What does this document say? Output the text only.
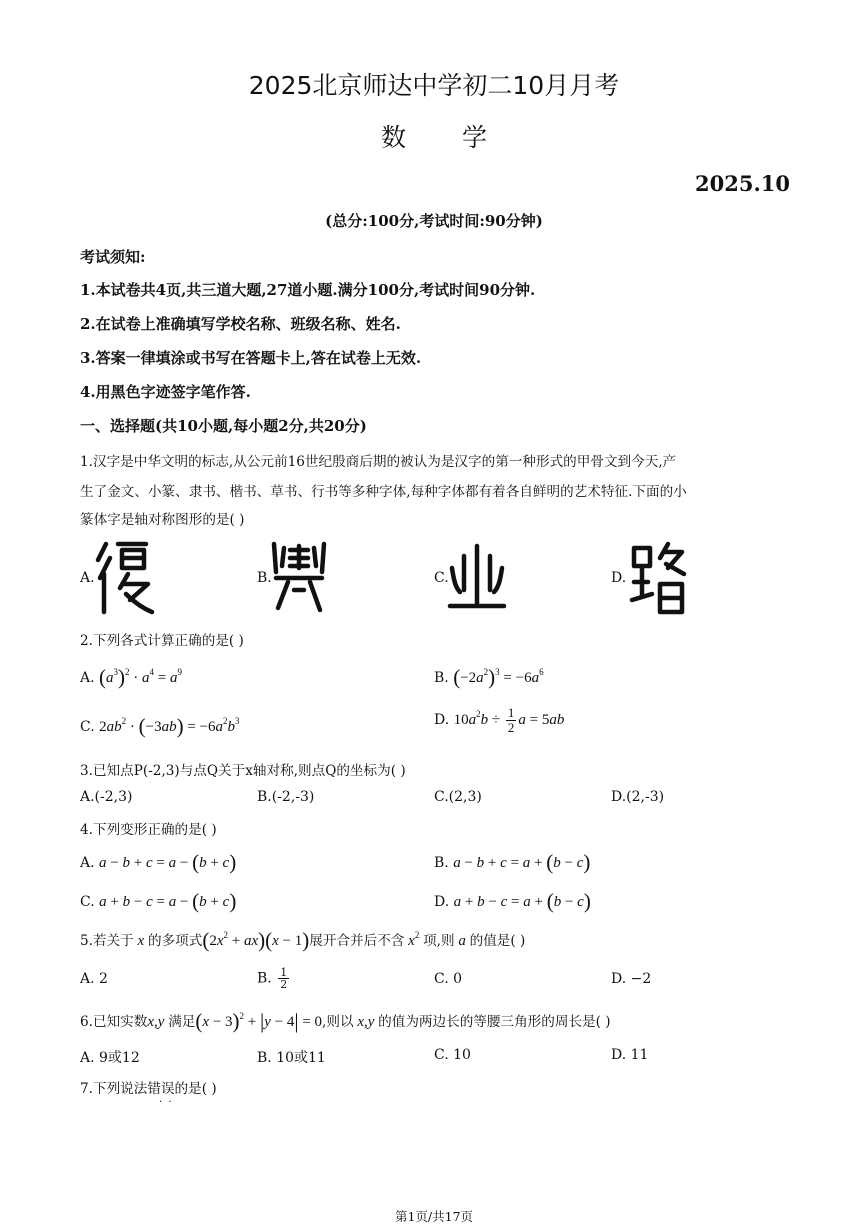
2025北京师达中学初二10月月考
数学
2025.10
(总分:100分,考试时间:90分钟)
考试须知:
1.本试卷共4页,共三道大题,27道小题.满分100分,考试时间90分钟.
2.在试卷上准确填写学校名称、班级名称、姓名.
3.答案一律填涂或书写在答题卡上,答在试卷上无效.
4.用黑色字迹签字笔作答.
一、选择题(共10小题,每小题2分,共20分)
1.汉字是中华文明的标志,从公元前16世纪殷商后期的被认为是汉字的第一种形式的甲骨文到今天,产
生了金文、小篆、隶书、楷书、草书、行书等多种字体,每种字体都有着各自鲜明的艺术特征.下面的小
篆体字是轴对称图形的是( )
A.	B.	C.	D.
2.下列各式计算正确的是( )
A. $(a^3)^2 \cdot a^4 = a^9$	B. $(-2a^2)^3 = -6a^6$
C. $2ab^2 \cdot (-3ab) = -6a^2b^3$	D. $10a^2b \div \frac{1}{2}$ a = 5ab
3.已知点P(-2,3)与点Q关于x轴对称,则点Q的坐标为( )
A.(-2,3)	B.(-2,-3)	C.(2,3)	D.(2,-3)
4.下列变形正确的是( )
A. a − b + c = a − (b + c)	B. a − b + c = a + (b − c)
C. a + b − c = a − (b + c)	D. a + b − c = a + (b − c)
5.若关于 x 的多项式$(2x^2 + ax)(x - 1)$展开合并后不含 $x^2$ 项,则 a 的值是( )
A. 2	B. $\frac{1}{2}$	C. 0	D. −2
6.已知实数x,y 满足$(x - 3)^2 + |y - 4| = 0$,则以 x,y 的值为两边长的等腰三角形的周长是( )
A. 9或12	B. 10或11	C. 10	D. 11
7.下列说法错误的是( )
·  ·
第1页/共17页
